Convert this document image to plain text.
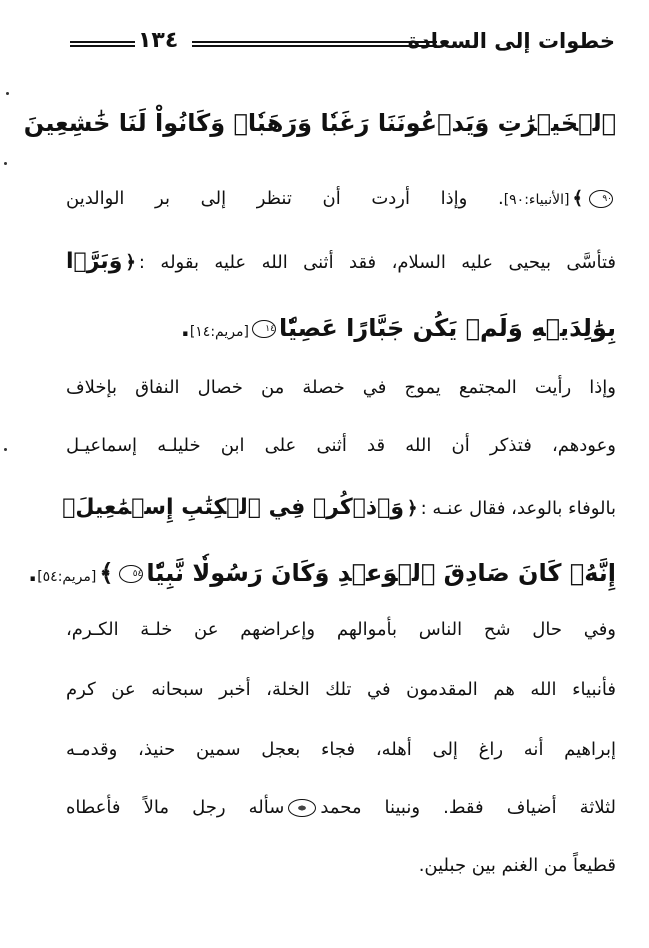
خطوات إلى السعادة
١٣٤
ٱلۡخَيۡرَٰتِ وَيَدۡعُونَنَا رَغَبٗا وَرَهَبٗاۖ وَكَانُواْ لَنَا خَٰشِعِينَ
٩٠﴾[الأنبياء:٩٠]. وإذا أردت أن تنظر إلى بر الوالدين
فتأسَّى بيحيى عليه السلام، فقد أثنى الله عليه بقوله :﴿وَبَرَّۢا
بِوَٰلِدَيۡهِ وَلَمۡ يَكُن جَبَّارًا عَصِيّٗا١٤[مريم:١٤].
وإذا رأيت المجتمع يموج في خصلة من خصال النفاق بإخلاف
وعودهم، فتذكر أن الله قد أثنى على ابن خليلـه إسماعيـل
بالوفاء بالوعد، فقال عنـه :﴿وَٱذۡكُرۡ فِي ٱلۡكِتَٰبِ إِسۡمَٰعِيلَۚ
إِنَّهُۥ كَانَ صَادِقَ ٱلۡوَعۡدِ وَكَانَ رَسُولٗا نَّبِيّٗا٥٤﴾[مريم:٥٤].
وفي حال شح الناس بأموالهم وإعراضهم عن خلـة الكـرم،
فأنبياء الله هم المقدمون في تلك الخلة، أخبر سبحانه عن كرم
إبراهيم أنه راغ إلى أهله، فجاء بعجل سمين حنيذ، وقدمـه
لثلاثة أضياف فقط. ونبينا محمدسأله رجل مالاً فأعطاه
قطيعاً من الغنم بين جبلين.
